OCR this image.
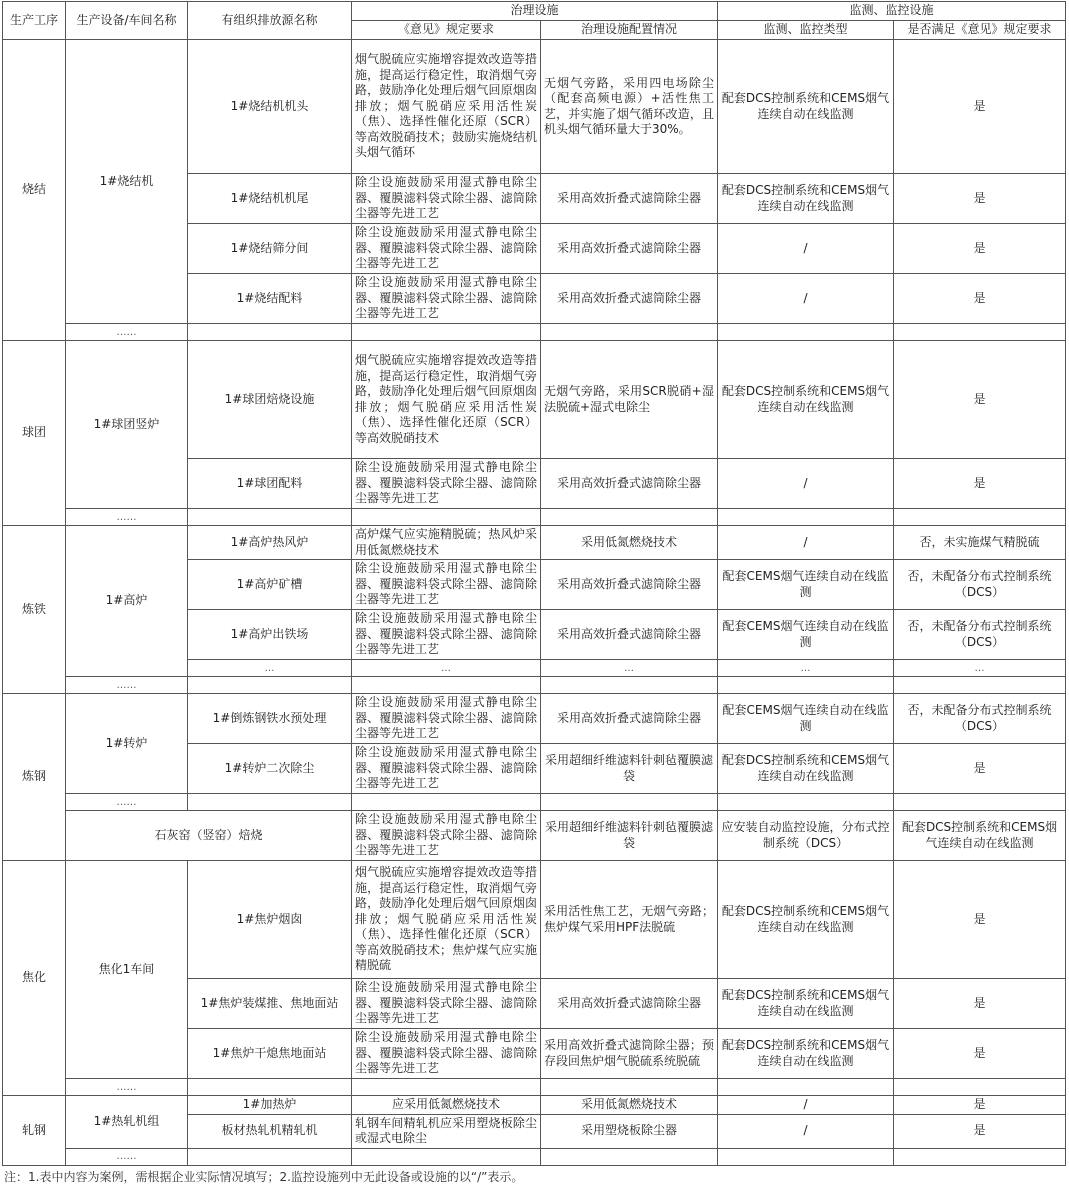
生产工序	生产设备/车间名称	有组织排放源名称	治理设施		监测、监控设施	
			《意见》规定要求	治理设施配置情况	监测、监控类型	是否满足《意见》规定要求
烧结	1#烧结机	1#烧结机机头	烟气脱硫应实施增容提效改造等措施，提高运行稳定性，取消烟气旁路，鼓励净化处理后烟气回原烟囱排放；烟气脱硝应采用活性炭（焦）、选择性催化还原（SCR）等高效脱硝技术；鼓励实施烧结机头烟气循环	无烟气旁路，采用四电场除尘（配套高频电源）+活性焦工艺，并实施了烟气循环改造，且机头烟气循环量大于30%。	配套DCS控制系统和CEMS烟气连续自动在线监测	是
		1#烧结机机尾	除尘设施鼓励采用湿式静电除尘器、覆膜滤料袋式除尘器、滤筒除尘器等先进工艺	采用高效折叠式滤筒除尘器	配套DCS控制系统和CEMS烟气连续自动在线监测	是
		1#烧结筛分间	除尘设施鼓励采用湿式静电除尘器、覆膜滤料袋式除尘器、滤筒除尘器等先进工艺	采用高效折叠式滤筒除尘器	/	是
		1#烧结配料	除尘设施鼓励采用湿式静电除尘器、覆膜滤料袋式除尘器、滤筒除尘器等先进工艺	采用高效折叠式滤筒除尘器	/	是
	……					
球团	1#球团竖炉	1#球团焙烧设施	烟气脱硫应实施增容提效改造等措施，提高运行稳定性，取消烟气旁路，鼓励净化处理后烟气回原烟囱排放；烟气脱硝应采用活性炭（焦）、选择性催化还原（SCR）等高效脱硝技术	无烟气旁路，采用SCR脱硝+湿法脱硫+湿式电除尘	配套DCS控制系统和CEMS烟气连续自动在线监测	是
		1#球团配料	除尘设施鼓励采用湿式静电除尘器、覆膜滤料袋式除尘器、滤筒除尘器等先进工艺	采用高效折叠式滤筒除尘器	/	是
	……					
炼铁	1#高炉	1#高炉热风炉	高炉煤气应实施精脱硫；热风炉采用低氮燃烧技术	采用低氮燃烧技术	/	否，未实施煤气精脱硫
		1#高炉矿槽	除尘设施鼓励采用湿式静电除尘器、覆膜滤料袋式除尘器、滤筒除尘器等先进工艺	采用高效折叠式滤筒除尘器	配套CEMS烟气连续自动在线监测	否，未配备分布式控制系统（DCS）
		1#高炉出铁场	除尘设施鼓励采用湿式静电除尘器、覆膜滤料袋式除尘器、滤筒除尘器等先进工艺	采用高效折叠式滤筒除尘器	配套CEMS烟气连续自动在线监测	否，未配备分布式控制系统（DCS）
		…	…	…	…	…
	……					
炼钢	1#转炉	1#倒炼钢铁水预处理	除尘设施鼓励采用湿式静电除尘器、覆膜滤料袋式除尘器、滤筒除尘器等先进工艺	采用高效折叠式滤筒除尘器	配套CEMS烟气连续自动在线监测	否，未配备分布式控制系统（DCS）
		1#转炉二次除尘	除尘设施鼓励采用湿式静电除尘器、覆膜滤料袋式除尘器、滤筒除尘器等先进工艺	采用超细纤维滤料针刺毡覆膜滤袋	配套DCS控制系统和CEMS烟气连续自动在线监测	是
	……					
	石灰窑（竖窑）焙烧		除尘设施鼓励采用湿式静电除尘器、覆膜滤料袋式除尘器、滤筒除尘器等先进工艺	采用超细纤维滤料针刺毡覆膜滤袋	应安装自动监控设施，分布式控制系统（DCS）	配套DCS控制系统和CEMS烟气连续自动在线监测
焦化	焦化1车间	1#焦炉烟囱	烟气脱硫应实施增容提效改造等措施，提高运行稳定性，取消烟气旁路，鼓励净化处理后烟气回原烟囱排放；烟气脱硝应采用活性炭（焦）、选择性催化还原（SCR）等高效脱硝技术；焦炉煤气应实施精脱硫	采用活性焦工艺，无烟气旁路；焦炉煤气采用HPF法脱硫	配套DCS控制系统和CEMS烟气连续自动在线监测	是
		1#焦炉装煤推、焦地面站	除尘设施鼓励采用湿式静电除尘器、覆膜滤料袋式除尘器、滤筒除尘器等先进工艺	采用高效折叠式滤筒除尘器	配套DCS控制系统和CEMS烟气连续自动在线监测	是
		1#焦炉干熄焦地面站	除尘设施鼓励采用湿式静电除尘器、覆膜滤料袋式除尘器、滤筒除尘器等先进工艺	采用高效折叠式滤筒除尘器；预存段回焦炉烟气脱硫系统脱硫	配套DCS控制系统和CEMS烟气连续自动在线监测	是
	……					
轧钢	1#热轧机组	1#加热炉	应采用低氮燃烧技术	采用低氮燃烧技术	/	是
		板材热轧机精轧机	轧钢车间精轧机应采用塑烧板除尘或湿式电除尘	采用塑烧板除尘器	/	是
	……					
注：1.表中内容为案例，需根据企业实际情况填写；2.监控设施列中无此设备或设施的以“/”表示。
